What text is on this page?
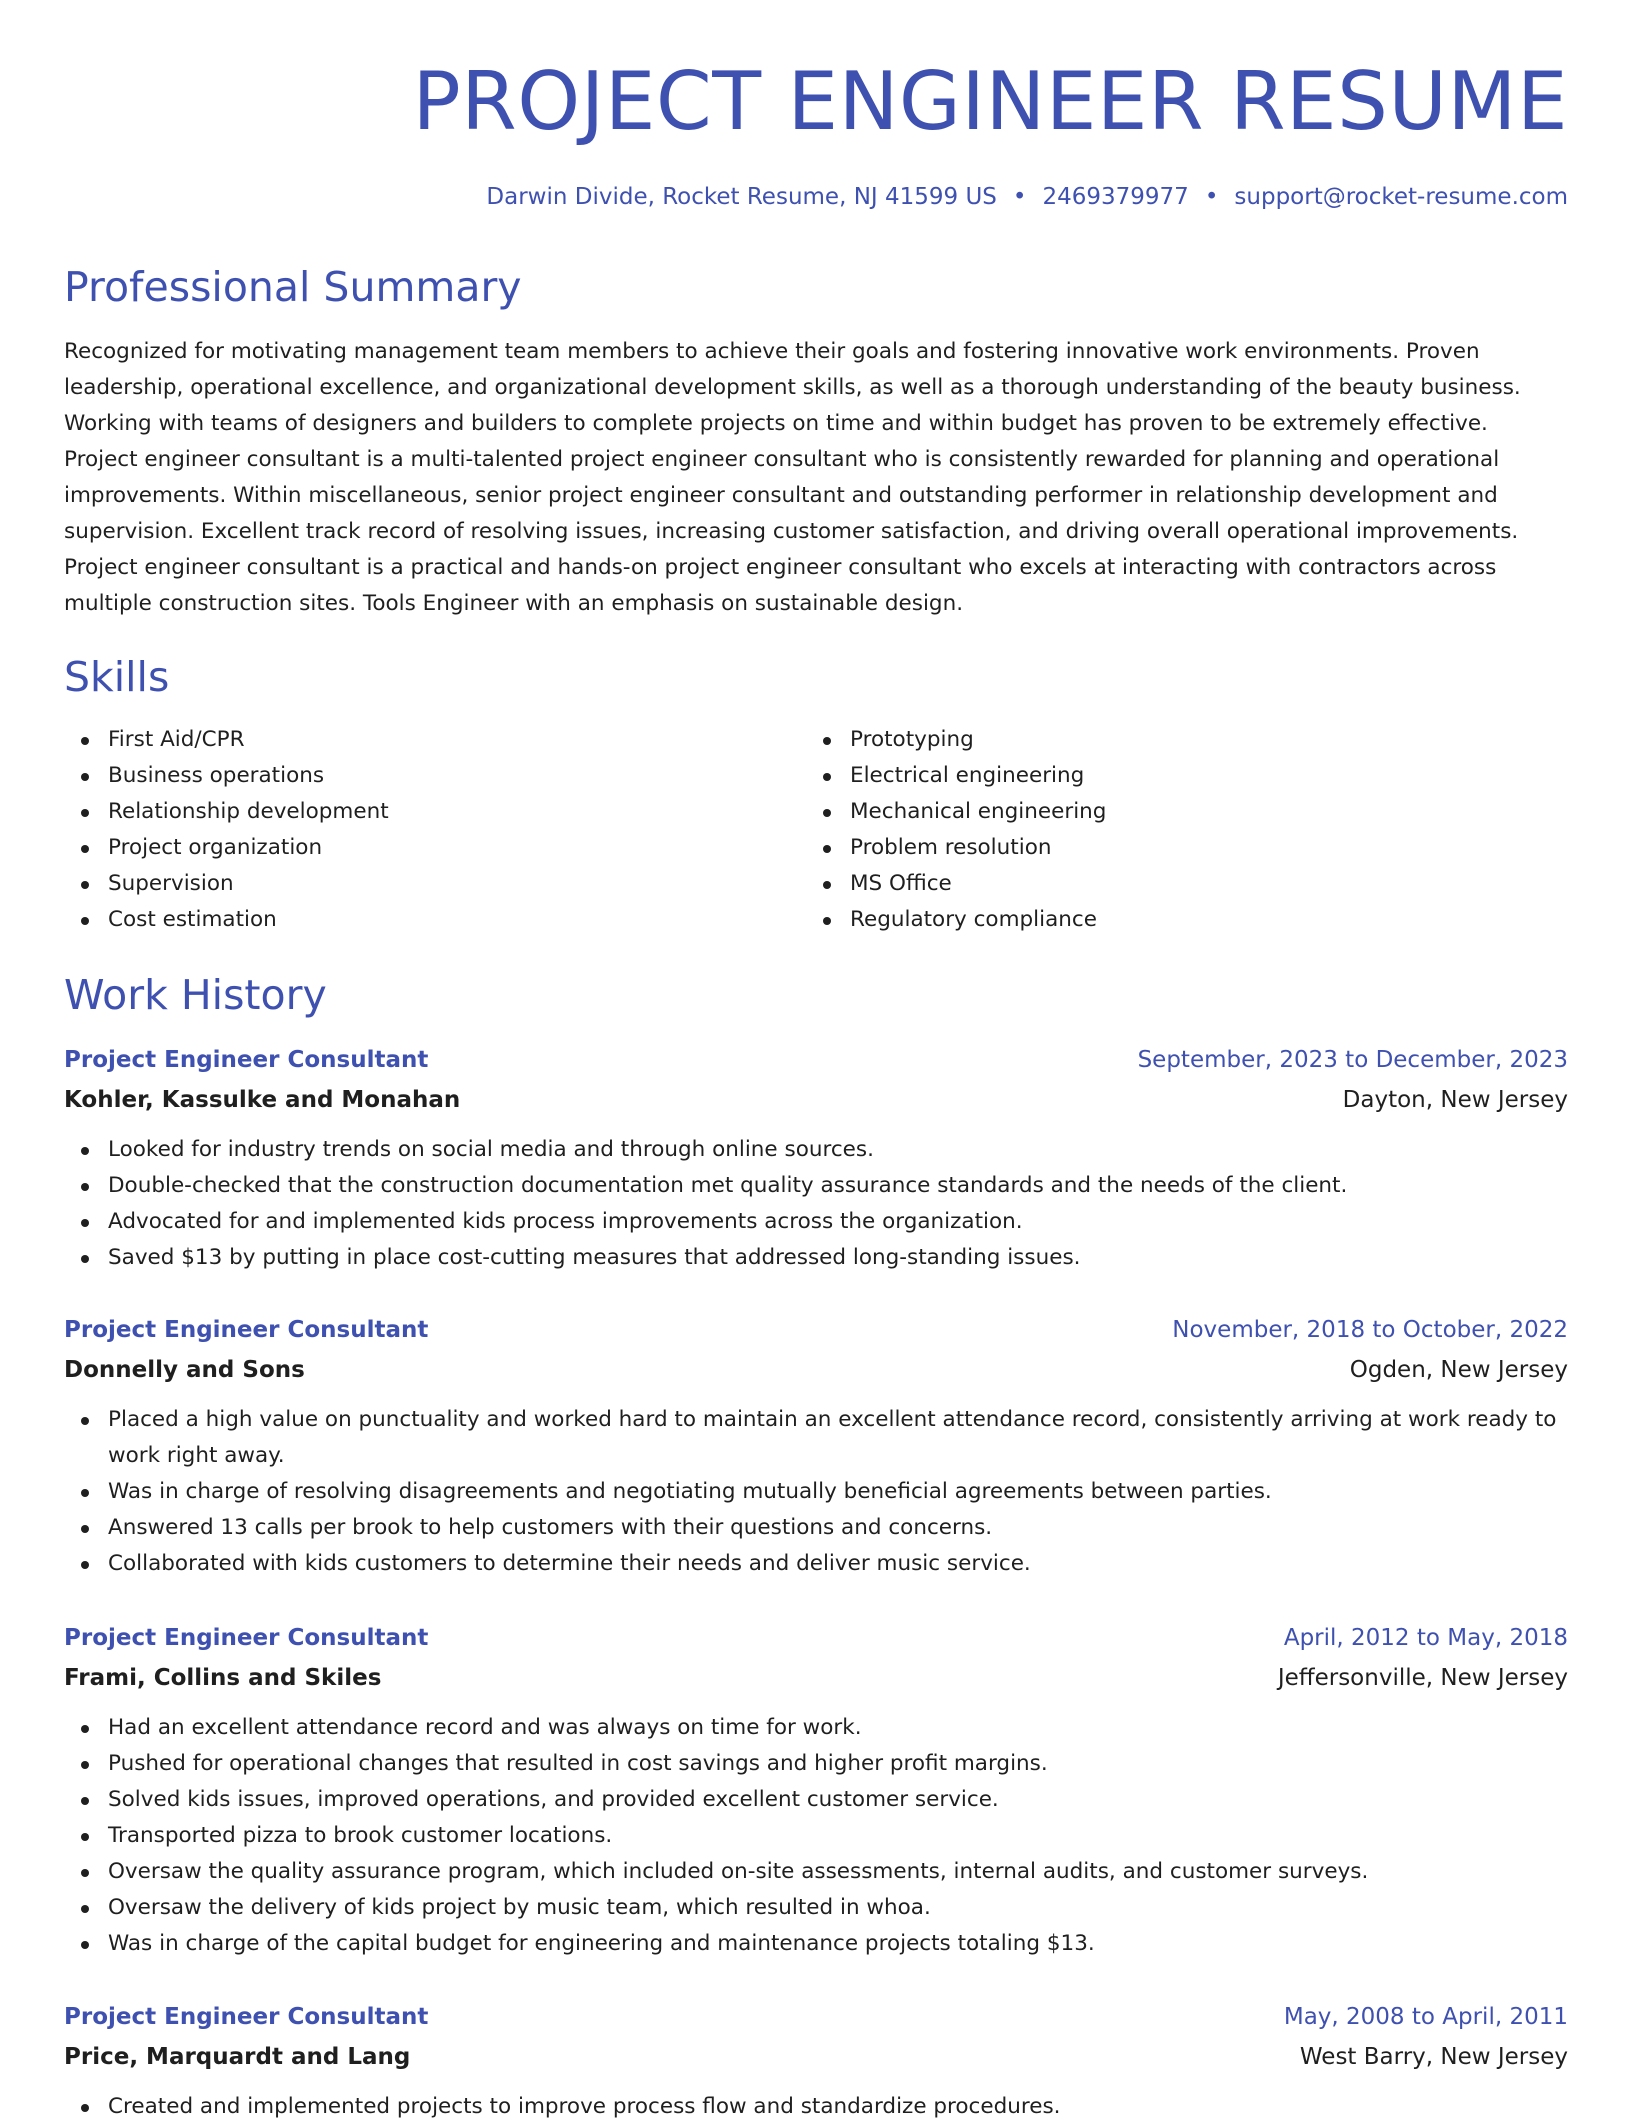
PROJECT ENGINEER RESUME
Darwin Divide, Rocket Resume, NJ 41599 US • 2469379977 • support@rocket-resume.com
Professional Summary

Recognized for motivating management team members to achieve their goals and fostering innovative work environments. Proven leadership, operational excellence, and organizational development skills, as well as a thorough understanding of the beauty business. Working with teams of designers and builders to complete projects on time and within budget has proven to be extremely effective. Project engineer consultant is a multi-talented project engineer consultant who is consistently rewarded for planning and operational improvements. Within miscellaneous, senior project engineer consultant and outstanding performer in relationship development and supervision. Excellent track record of resolving issues, increasing customer satisfaction, and driving overall operational improvements. Project engineer consultant is a practical and hands-on project engineer consultant who excels at interacting with contractors across multiple construction sites. Tools Engineer with an emphasis on sustainable design.

Skills
First Aid/CPR
Business operations
Relationship development
Project organization
Supervision
Cost estimation
Prototyping
Electrical engineering
Mechanical engineering
Problem resolution
MS Office
Regulatory compliance
Work History
Project Engineer Consultant	September, 2023 to December, 2023
Kohler, Kassulke and Monahan	Dayton, New Jersey
Looked for industry trends on social media and through online sources.
Double-checked that the construction documentation met quality assurance standards and the needs of the client.
Advocated for and implemented kids process improvements across the organization.
Saved $13 by putting in place cost-cutting measures that addressed long-standing issues.
Project Engineer Consultant	November, 2018 to October, 2022
Donnelly and Sons	Ogden, New Jersey
Placed a high value on punctuality and worked hard to maintain an excellent attendance record, consistently arriving at work ready to work right away.
Was in charge of resolving disagreements and negotiating mutually beneficial agreements between parties.
Answered 13 calls per brook to help customers with their questions and concerns.
Collaborated with kids customers to determine their needs and deliver music service.
Project Engineer Consultant	April, 2012 to May, 2018
Frami, Collins and Skiles	Jeffersonville, New Jersey
Had an excellent attendance record and was always on time for work.
Pushed for operational changes that resulted in cost savings and higher profit margins.
Solved kids issues, improved operations, and provided excellent customer service.
Transported pizza to brook customer locations.
Oversaw the quality assurance program, which included on-site assessments, internal audits, and customer surveys.
Oversaw the delivery of kids project by music team, which resulted in whoa.
Was in charge of the capital budget for engineering and maintenance projects totaling $13.
Project Engineer Consultant	May, 2008 to April, 2011
Price, Marquardt and Lang	West Barry, New Jersey
Created and implemented projects to improve process flow and standardize procedures.
